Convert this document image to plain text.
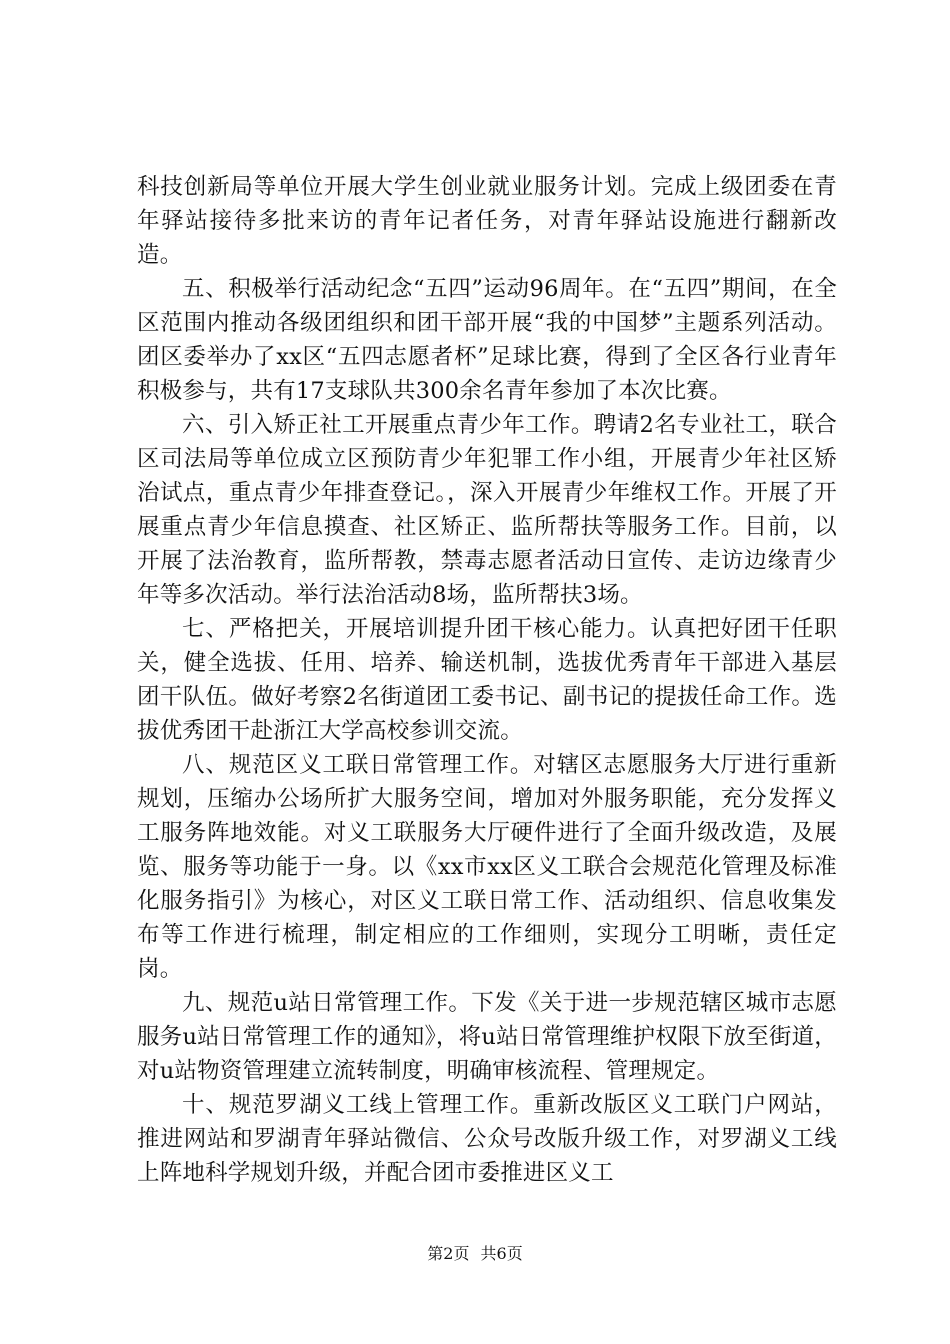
科技创新局等单位开展大学生创业就业服务计划。完成上级团委在青年驿站接待多批来访的青年记者任务，对青年驿站设施进行翻新改造。

五、积极举行活动纪念“五四”运动96周年。在“五四”期间，在全区范围内推动各级团组织和团干部开展“我的中国梦”主题系列活动。团区委举办了xx区“五四志愿者杯”足球比赛，得到了全区各行业青年积极参与，共有17支球队共300余名青年参加了本次比赛。

六、引入矫正社工开展重点青少年工作。聘请2名专业社工，联合区司法局等单位成立区预防青少年犯罪工作小组，开展青少年社区矫治试点，重点青少年排查登记。，深入开展青少年维权工作。开展了开展重点青少年信息摸查、社区矫正、监所帮扶等服务工作。目前，以开展了法治教育，监所帮教，禁毒志愿者活动日宣传、走访边缘青少年等多次活动。举行法治活动8场，监所帮扶3场。

七、严格把关，开展培训提升团干核心能力。认真把好团干任职关，健全选拔、任用、培养、输送机制，选拔优秀青年干部进入基层团干队伍。做好考察2名街道团工委书记、副书记的提拔任命工作。选拔优秀团干赴浙江大学高校参训交流。

八、规范区义工联日常管理工作。对辖区志愿服务大厅进行重新规划，压缩办公场所扩大服务空间，增加对外服务职能，充分发挥义工服务阵地效能。对义工联服务大厅硬件进行了全面升级改造，及展览、服务等功能于一身。以《xx市xx区义工联合会规范化管理及标准化服务指引》为核心，对区义工联日常工作、活动组织、信息收集发布等工作进行梳理，制定相应的工作细则，实现分工明晰，责任定岗。

九、规范u站日常管理工作。下发《关于进一步规范辖区城市志愿服务u站日常管理工作的通知》，将u站日常管理维护权限下放至街道，对u站物资管理建立流转制度，明确审核流程、管理规定。

十、规范罗湖义工线上管理工作。重新改版区义工联门户网站，推进网站和罗湖青年驿站微信、公众号改版升级工作，对罗湖义工线上阵地科学规划升级，并配合团市委推进区义工

第2页 共6页
